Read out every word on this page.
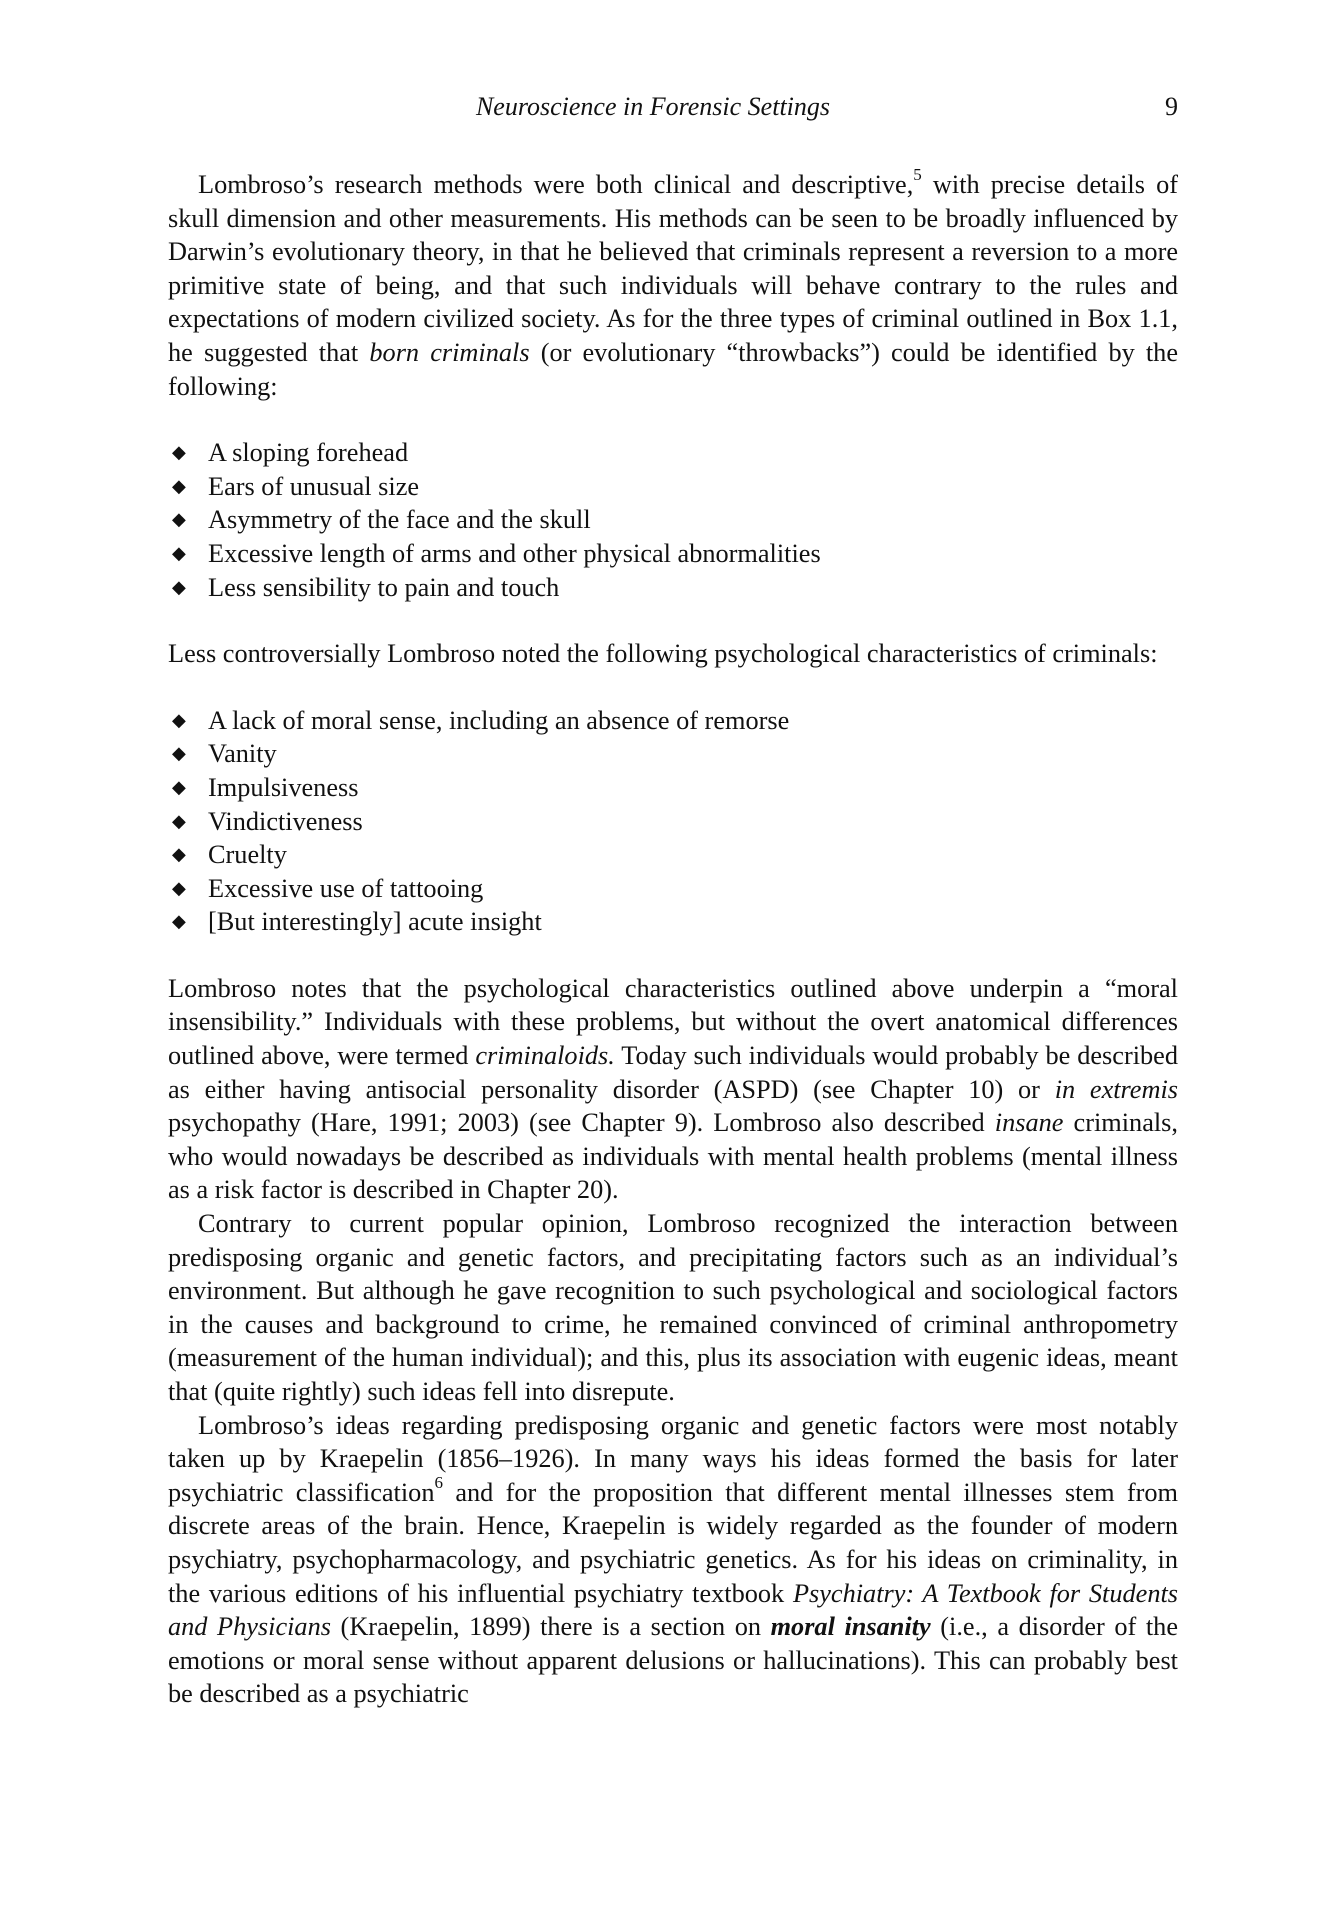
Neuroscience in Forensic Settings	9

Lombroso’s research methods were both clinical and descriptive,$^5$ with precise details of skull dimension and other measurements. His methods can be seen to be broadly influenced by Darwin’s evolutionary theory, in that he believed that criminals represent a reversion to a more primitive state of being, and that such individuals will behave contrary to the rules and expectations of modern civilized society. As for the three types of criminal outlined in Box 1.1, he suggested that born criminals (or evolutionary “throwbacks”) could be identified by the following:

◆ A sloping forehead
◆ Ears of unusual size
◆ Asymmetry of the face and the skull
◆ Excessive length of arms and other physical abnormalities
◆ Less sensibility to pain and touch

Less controversially Lombroso noted the following psychological characteristics of criminals:

◆ A lack of moral sense, including an absence of remorse
◆ Vanity
◆ Impulsiveness
◆ Vindictiveness
◆ Cruelty
◆ Excessive use of tattooing
◆ [But interestingly] acute insight

Lombroso notes that the psychological characteristics outlined above underpin a “moral insensibility.” Individuals with these problems, but without the overt anatomical differences outlined above, were termed criminaloids. Today such individuals would probably be described as either having antisocial personality disorder (ASPD) (see Chapter 10) or in extremis psychopathy (Hare, 1991; 2003) (see Chapter 9). Lombroso also described insane criminals, who would nowadays be described as individuals with mental health problems (mental illness as a risk factor is described in Chapter 20).

Contrary to current popular opinion, Lombroso recognized the interaction between predisposing organic and genetic factors, and precipitating factors such as an individual’s environment. But although he gave recognition to such psychological and sociological factors in the causes and background to crime, he remained convinced of criminal anthropometry (measurement of the human individual); and this, plus its association with eugenic ideas, meant that (quite rightly) such ideas fell into disrepute.

Lombroso’s ideas regarding predisposing organic and genetic factors were most notably taken up by Kraepelin (1856–1926). In many ways his ideas formed the basis for later psychiatric classification$^6$ and for the proposition that different mental illnesses stem from discrete areas of the brain. Hence, Kraepelin is widely regarded as the founder of modern psychiatry, psychopharmacology, and psychiatric genetics. As for his ideas on criminality, in the various editions of his influential psychiatry textbook Psychiatry: A Textbook for Students and Physicians (Kraepelin, 1899) there is a section on moral insanity (i.e., a disorder of the emotions or moral sense without apparent delusions or hallucinations). This can probably best be described as a psychiatric
